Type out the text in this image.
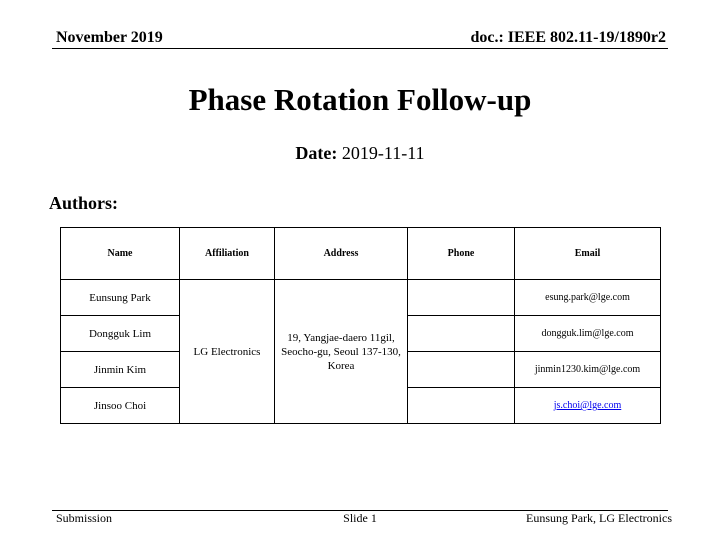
November 2019	doc.: IEEE 802.11-19/1890r2
Phase Rotation Follow-up
Date: 2019-11-11
Authors:
Name	Affiliation	Address	Phone	Email
Eunsung Park	LG Electronics	19, Yangjae-daero 11gil, Seocho-gu, Seoul 137-130, Korea		esung.park@lge.com
Dongguk Lim				dongguk.lim@lge.com
Jinmin Kim				jinmin1230.kim@lge.com
Jinsoo Choi				js.choi@lge.com
Submission	Slide 1	Eunsung Park, LG Electronics
